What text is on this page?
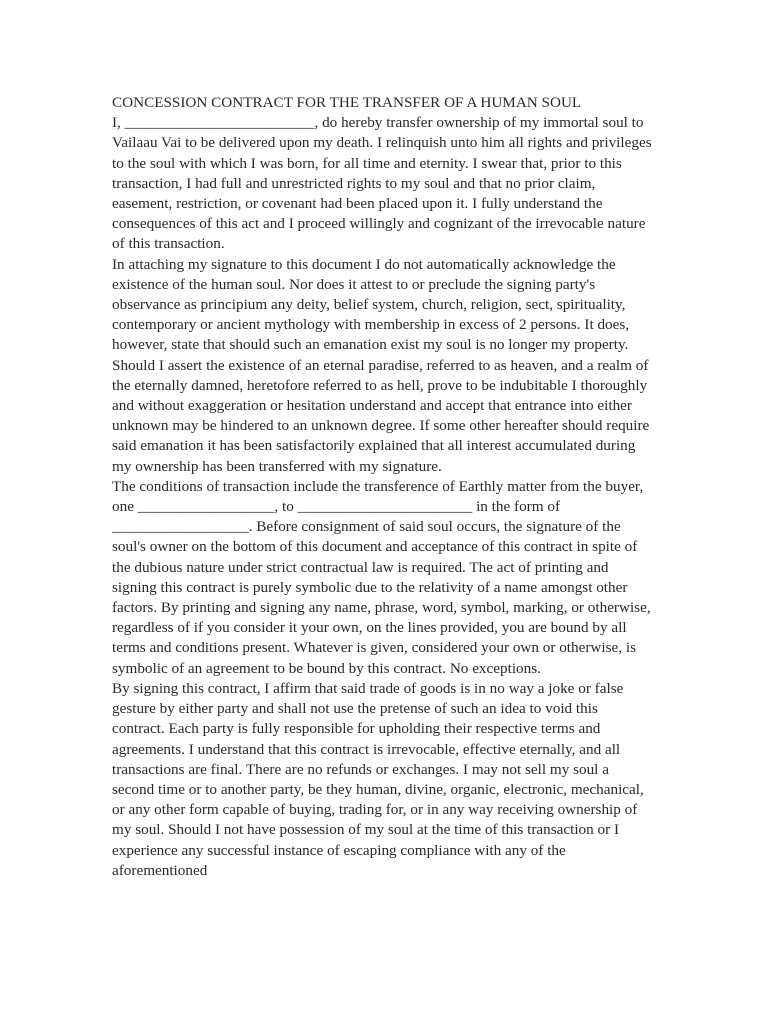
CONCESSION CONTRACT FOR THE TRANSFER OF A HUMAN SOUL

I, _________________________, do hereby transfer ownership of my immortal soul to Vailaau Vai to be delivered upon my death. I relinquish unto him all rights and privileges to the soul with which I was born, for all time and eternity. I swear that, prior to this transaction, I had full and unrestricted rights to my soul and that no prior claim, easement, restriction, or covenant had been placed upon it. I fully understand the consequences of this act and I proceed willingly and cognizant of the irrevocable nature of this transaction.

In attaching my signature to this document I do not automatically acknowledge the existence of the human soul. Nor does it attest to or preclude the signing party's observance as principium any deity, belief system, church, religion, sect, spirituality, contemporary or ancient mythology with membership in excess of 2 persons. It does, however, state that should such an emanation exist my soul is no longer my property. Should I assert the existence of an eternal paradise, referred to as heaven, and a realm of the eternally damned, heretofore referred to as hell, prove to be indubitable I thoroughly and without exaggeration or hesitation understand and accept that entrance into either unknown may be hindered to an unknown degree. If some other hereafter should require said emanation it has been satisfactorily explained that all interest accumulated during my ownership has been transferred with my signature.

The conditions of transaction include the transference of Earthly matter from the buyer, one __________________, to _______________________ in the form of __________________. Before consignment of said soul occurs, the signature of the soul's owner on the bottom of this document and acceptance of this contract in spite of the dubious nature under strict contractual law is required. The act of printing and signing this contract is purely symbolic due to the relativity of a name amongst other factors. By printing and signing any name, phrase, word, symbol, marking, or otherwise, regardless of if you consider it your own, on the lines provided, you are bound by all terms and conditions present. Whatever is given, considered your own or otherwise, is symbolic of an agreement to be bound by this contract. No exceptions.

By signing this contract, I affirm that said trade of goods is in no way a joke or false gesture by either party and shall not use the pretense of such an idea to void this contract. Each party is fully responsible for upholding their respective terms and agreements. I understand that this contract is irrevocable, effective eternally, and all transactions are final. There are no refunds or exchanges. I may not sell my soul a second time or to another party, be they human, divine, organic, electronic, mechanical, or any other form capable of buying, trading for, or in any way receiving ownership of my soul. Should I not have possession of my soul at the time of this transaction or I experience any successful instance of escaping compliance with any of the aforementioned
